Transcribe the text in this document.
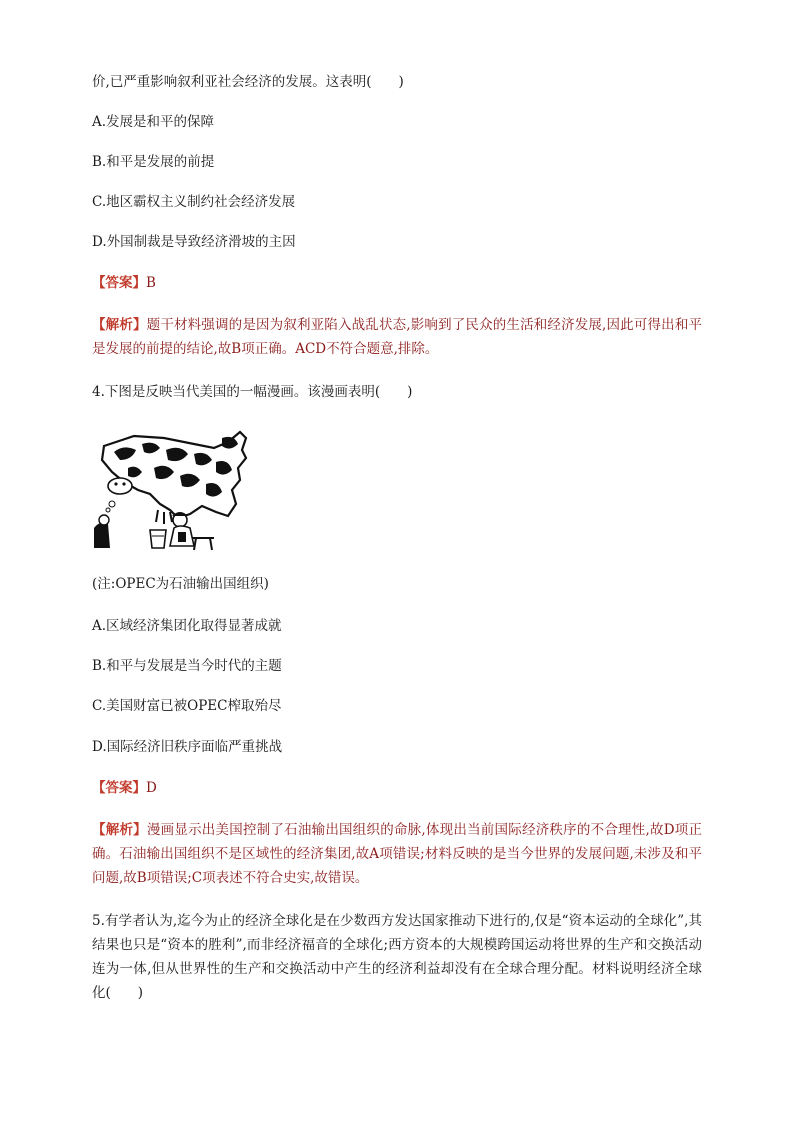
价,已严重影响叙利亚社会经济的发展。这表明(　　)
A.发展是和平的保障
B.和平是发展的前提
C.地区霸权主义制约社会经济发展
D.外国制裁是导致经济滑坡的主因
【答案】B
【解析】题干材料强调的是因为叙利亚陷入战乱状态,影响到了民众的生活和经济发展,因此可得出和平是发展的前提的结论,故B项正确。ACD不符合题意,排除。
4.下图是反映当代美国的一幅漫画。该漫画表明(　　)
(注:OPEC为石油输出国组织)
A.区域经济集团化取得显著成就
B.和平与发展是当今时代的主题
C.美国财富已被OPEC榨取殆尽
D.国际经济旧秩序面临严重挑战
【答案】D
【解析】漫画显示出美国控制了石油输出国组织的命脉,体现出当前国际经济秩序的不合理性,故D项正确。石油输出国组织不是区域性的经济集团,故A项错误;材料反映的是当今世界的发展问题,未涉及和平问题,故B项错误;C项表述不符合史实,故错误。
5.有学者认为,迄今为止的经济全球化是在少数西方发达国家推动下进行的,仅是“资本运动的全球化”,其结果也只是“资本的胜利”,而非经济福音的全球化;西方资本的大规模跨国运动将世界的生产和交换活动连为一体,但从世界性的生产和交换活动中产生的经济利益却没有在全球合理分配。材料说明经济全球化(　　)
